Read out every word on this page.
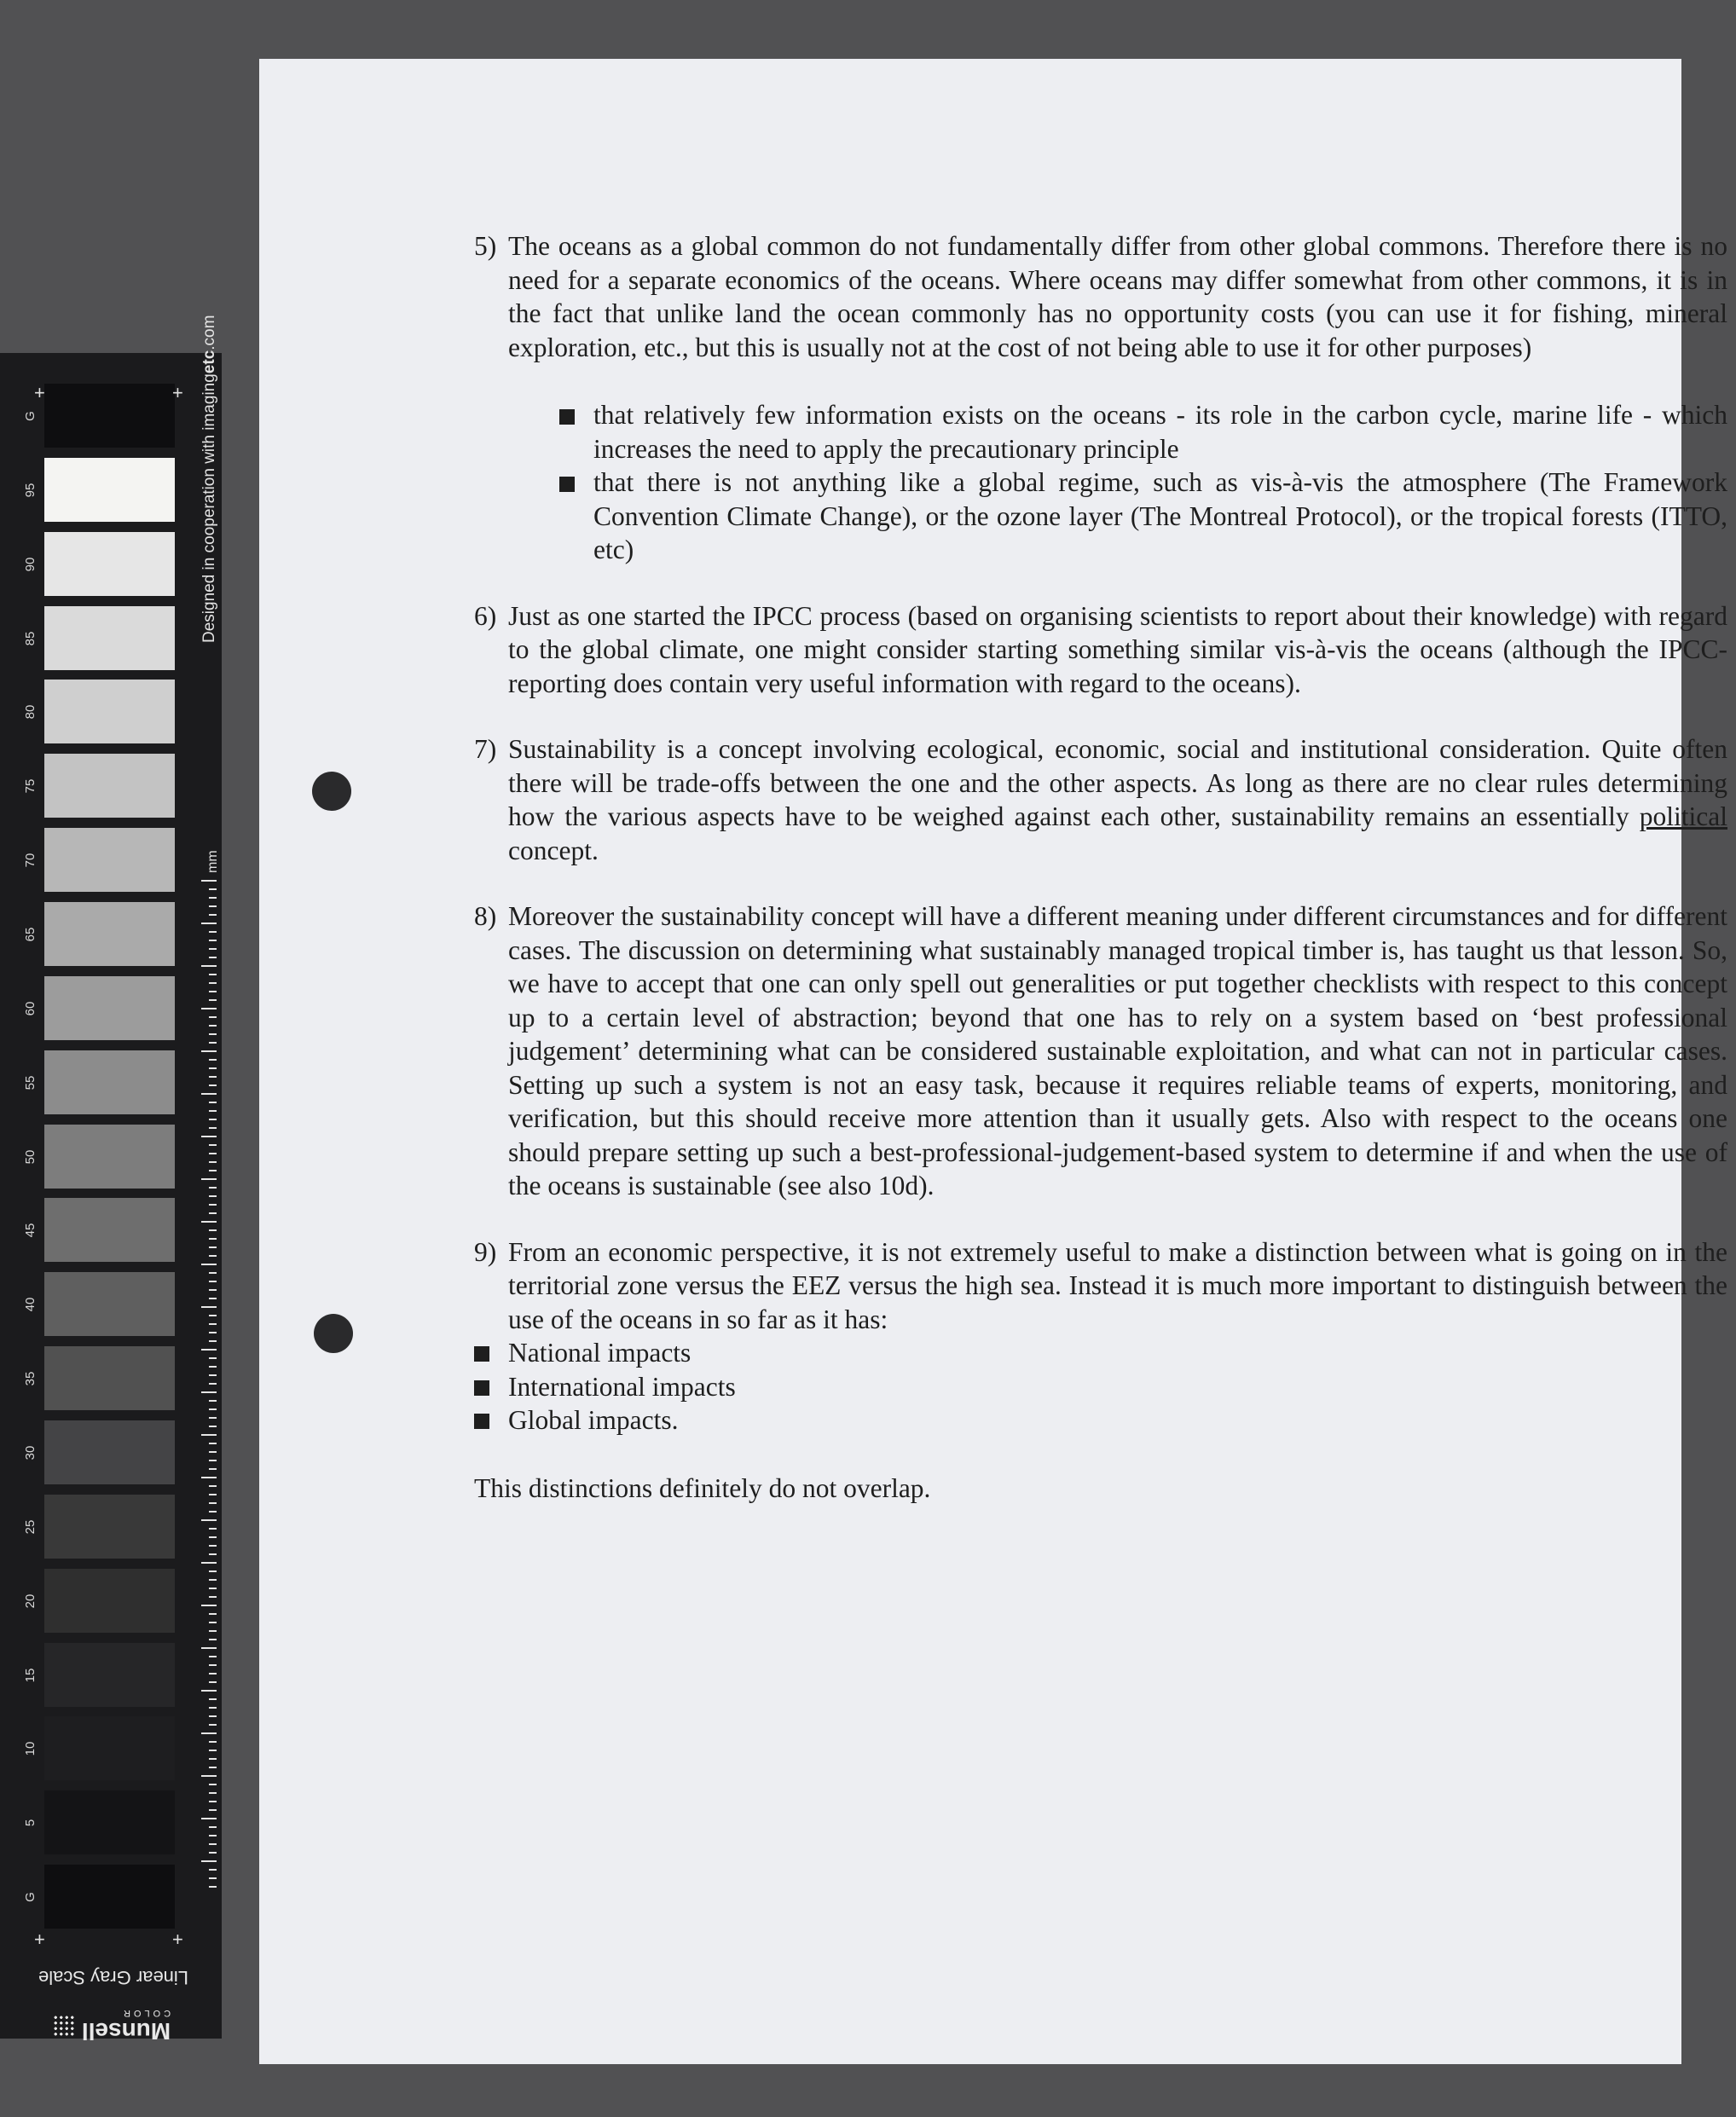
+	+
+	+
Designed in cooperation with imagingetc.com
mm
Linear Gray Scale
Munsell
COLOR
G
95
90
85
80
75
70
65
60
55
50
45
40
35
30
25
20
15
10
5
G
5) The oceans as a global common do not fundamentally differ from other global commons. Therefore there is no need for a separate economics of the oceans. Where oceans may differ somewhat from other commons, it is in the fact that unlike land the ocean commonly has no opportunity costs (you can use it for fishing, mineral exploration, etc., but this is usually not at the cost of not being able to use it for other purposes)

that relatively few information exists on the oceans - its role in the carbon cycle, marine life - which increases the need to apply the precautionary principle
that there is not anything like a global regime, such as vis-à-vis the atmosphere (The Framework Convention Climate Change), or the ozone layer (The Montreal Protocol), or the tropical forests (ITTO, etc)
6) Just as one started the IPCC process (based on organising scientists to report about their knowledge) with regard to the global climate, one might consider starting something similar vis-à-vis the oceans (although the IPCC-reporting does contain very useful information with regard to the oceans).

7) Sustainability is a concept involving ecological, economic, social and institutional consideration. Quite often there will be trade-offs between the one and the other aspects. As long as there are no clear rules determining how the various aspects have to be weighed against each other, sustainability remains an essentially political concept.

8) Moreover the sustainability concept will have a different meaning under different circumstances and for different cases. The discussion on determining what sustainably managed tropical timber is, has taught us that lesson. So, we have to accept that one can only spell out generalities or put together checklists with respect to this concept up to a certain level of abstraction; beyond that one has to rely on a system based on ‘best professional judgement’ determining what can be considered sustainable exploitation, and what can not in particular cases. Setting up such a system is not an easy task, because it requires reliable teams of experts, monitoring, and verification, but this should receive more attention than it usually gets. Also with respect to the oceans one should prepare setting up such a best-professional-judgement-based system to determine if and when the use of the oceans is sustainable (see also 10d).

9) From an economic perspective, it is not extremely useful to make a distinction between what is going on in the territorial zone versus the EEZ versus the high sea. Instead it is much more important to distinguish between the use of the oceans in so far as it has:

National impacts
International impacts
Global impacts.

This distinctions definitely do not overlap.
